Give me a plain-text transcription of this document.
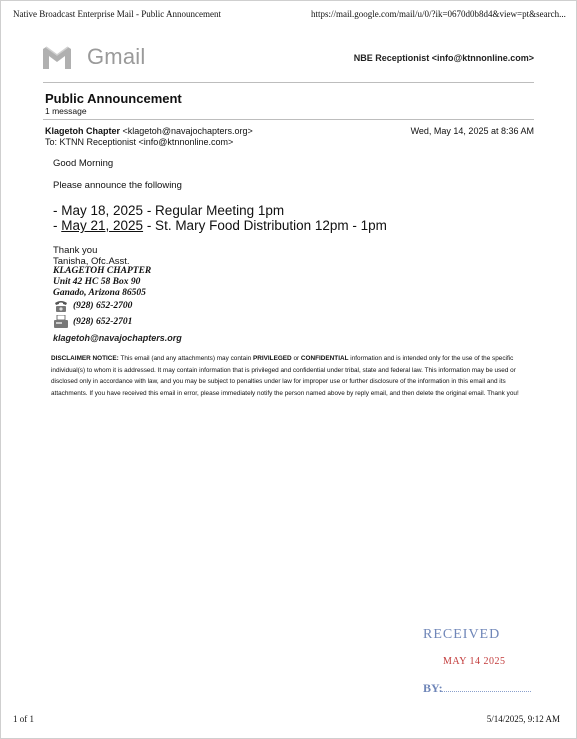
Native Broadcast Enterprise Mail - Public Announcement	https://mail.google.com/mail/u/0/?ik=0670d0b8d4&view=pt&search...
Gmail	NBE Receptionist <info@ktnnonline.com>
Public Announcement
1 message
Klagetoh Chapter <klagetoh@navajochapters.org>
To: KTNN Receptionist <info@ktnnonline.com>
Wed, May 14, 2025 at 8:36 AM
Good Morning
Please announce the following
- May 18, 2025 - Regular Meeting 1pm
- May 21, 2025 - St. Mary Food Distribution 12pm - 1pm
Thank you
Tanisha, Ofc.Asst.
KLAGETOH CHAPTER
Unit 42 HC 58 Box 90
Ganado, Arizona 86505
(928) 652-2700
(928) 652-2701
klagetoh@navajochapters.org
DISCLAIMER NOTICE: This email (and any attachments) may contain PRIVILEGED or CONFIDENTIAL information and is intended only for the use of the specific individual(s) to whom it is addressed. It may contain information that is privileged and confidential under tribal, state and federal law. This information may be used or disclosed only in accordance with law, and you may be subject to penalties under law for improper use or further disclosure of the information in this email and its attachments. If you have received this email in error, please immediately notify the person named above by reply email, and then delete the original email. Thank you!
RECEIVED
MAY 14 2025
BY:
1 of 1	5/14/2025, 9:12 AM
